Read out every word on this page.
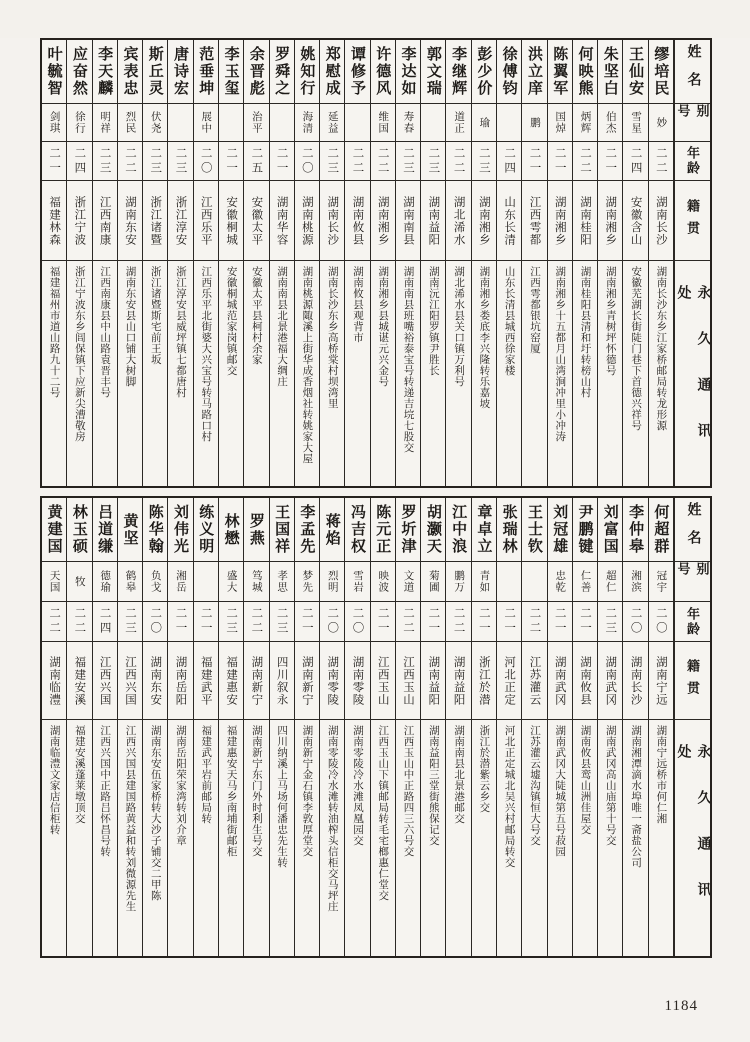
姓名
别号
年龄
籍贯
永久通讯处
缪培民
妙
二二
湖南长沙
湖南长沙东乡江家桥邮局转龙形源
王仙安
雪星
二四
安徽含山
安徽芜湖长街陡门巷下首德兴祥号
朱坚白
伯杰
二一
湖南湘乡
湖南湘乡青树坪怀德号
何映熊
炳辉
二二
湖南桂阳
湖南桂阳县清和圩转榜山村
陈翼军
国焯
二一
湖南湘乡
湖南湘乡十五都月山湾涧冲里小冲涛
洪立庠
鹏
二一
江西雩都
江西雩都银坑窑厦
徐傅钧
二四
山东长清
山东长清县城西徐家楼
彭少价
瑜
二三
湖南湘乡
湖南湘乡娄底李兴隆转乐嘉坡
李继辉
道正
二二
湖北浠水
湖北浠水县关口镇万利号
郭文瑞
二三
湖南益阳
湖南沅江阳罗镇尹胜长
李达如
寿春
二三
湖南南县
湖南南县班嘴裕泰宝号转递吉垸七股交
许德风
维国
二二
湖南湘乡
湖南湘乡县城谌元兴金号
谭修予
二二
湖南攸县
湖南攸县观背市
郑慰成
延益
二三
湖南长沙
湖南长沙东乡高桥棠村坝湾里
姚知行
海清
二〇
湖南桃源
湖南桃源陬溪上街华成香烟社转姚家大屋
罗舜之
二一
湖南华容
湖南南县北景港福大绸庄
余晋彪
治平
二五
安徽太平
安徽太平县柯村余家
李玉玺
二一
安徽桐城
安徽桐城范家岗镇邮交
范垂坤
展中
二〇
江西乐平
江西乐平北街婆大兴宝号转马路口村
唐诗宏
二三
浙江淳安
浙江淳安县威坪镇七都唐村
斯丘灵
伏尧
二三
浙江诸暨
浙江诸暨斯宅前王坂
宾表忠
烈民
二二
湖南东安
湖南东安县山口铺大树脚
李天麟
明祥
二三
江西南康
江西南康县中山路袁晋丰号
应奋然
徐行
二四
浙江宁波
浙江宁波东乡闾保镇下应新尖漕敬房
叶毓智
剑琪
二一
福建林森
福建福州市道山路九十二号
姓名
别号
年龄
籍贯
永久通讯处
何超群
冠宇
二〇
湖南宁远
湖南宁远桥市何仁湘
李仲皋
湘滨
二〇
湖南长沙
湖南湘潭滴水埠唯一斋盐公司
刘富国
超仁
二三
湖南武冈
湖南武冈高山庙第十号交
尹鹏键
仁善
二一
湖南攸县
湖南攸县鸾山洲佳屋交
刘冠雄
忠乾
二一
湖南武冈
湖南武冈大陡城第五号菽园
王士钦
二二
江苏灌云
江苏灌云墟沟镇恒大号交
张瑞林
二一
河北正定
河北正定城北吴兴村邮局转交
章卓立
青如
二一
浙江於潜
浙江於潜紫云乡交
江中浪
鹏万
二二
湖南益阳
湖南南县北景港邮交
胡灏天
菊圃
二一
湖南益阳
湖南益阳三堂街熊保记交
罗圻津
文道
二二
江西玉山
江西玉山中正路四三六号交
陈元正
映波
二一
江西玉山
江西玉山下镇邮局转毛宅榔惠仁堂交
冯吉权
雪岩
二〇
湖南零陵
湖南零陵冷水滩凤凰园交
蒋焰
烈明
二〇
湖南零陵
湖南零陵冷水滩转油榨头信柜交马坪庄
李孟先
梦先
二一
湖南新宁
湖南新宁金石镇李敦厚堂交
王国祥
孝思
二三
四川叙永
四川纳溪上马场何潘忠先生转
罗燕
笃城
二二
湖南新宁
湖南新宁东门外时利生号交
林懋
盛大
二三
福建惠安
福建惠安天马乡南埔街邮柜
练义明
二一
福建武平
福建武平岩前邮局转
刘伟光
湘岳
二一
湖南岳阳
湖南岳阳荣家湾转刘介章
陈华翰
负戈
二〇
湖南东安
湖南东安伍家桥转大沙子铺交二甲陈
黄坚
鹤皋
二三
江西兴国
江西兴国县建国路黄益和转刘微源先生
吕道缣
德瑜
二四
江西兴国
江西兴国中正路吕怀昌号转
林玉硕
牧
二二
福建安溪
福建安溪蓬莱墩顶交
黄建国
天国
二二
湖南临澧
湖南临澧文家店信柜转
1184
